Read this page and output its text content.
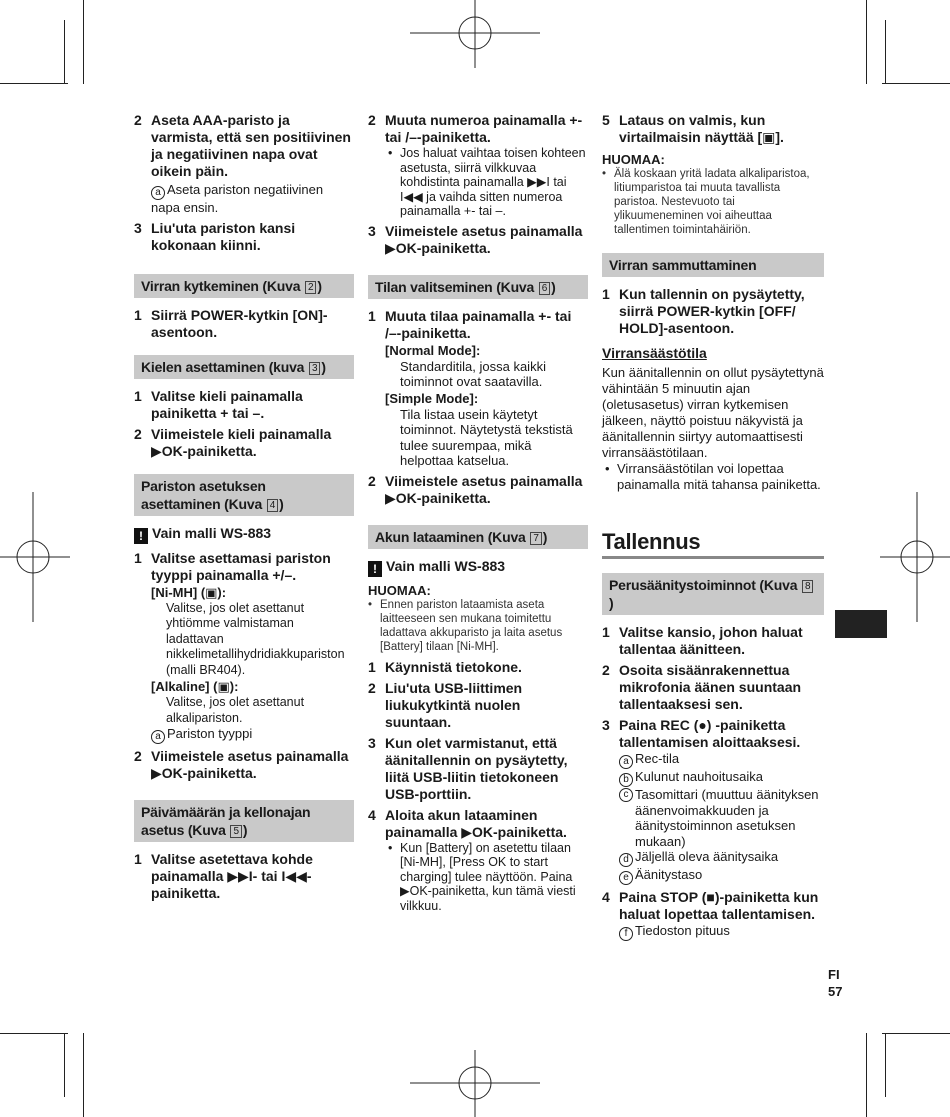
FI
57
2 Aseta AAA-paristo ja varmista, että sen positiivinen ja negatiivinen napa ovat oikein päin.
a Aseta pariston negatiivinen napa ensin.
3 Liu'uta pariston kansi kokonaan kiinni.
Virran kytkeminen (Kuva 2 )
1 Siirrä POWER-kytkin [ON]-asentoon.
Kielen asettaminen (kuva 3 )
1 Valitse kieli painamalla painiketta + tai –.
2 Viimeistele kieli painamalla ▶OK-painiketta.
Pariston asetuksen asettaminen (Kuva 4 )
! Vain malli WS-883
1 Valitse asettamasi pariston tyyppi painamalla +/–.
[Ni-MH] (▣):
Valitse, jos olet asettanut yhtiömme valmistaman ladattavan nikkelimetallihydridiakkupariston (malli BR404).
[Alkaline] (▣):
Valitse, jos olet asettanut alkalipariston.
a Pariston tyyppi
2 Viimeistele asetus painamalla ▶OK-painiketta.
Päivämäärän ja kellonajan asetus (Kuva 5 )
1 Valitse asetettava kohde painamalla ▶▶I- tai I◀◀-painiketta.
2 Muuta numeroa painamalla +- tai /–-painiketta.
• Jos haluat vaihtaa toisen kohteen asetusta, siirrä vilkkuvaa kohdistinta painamalla ▶▶I tai I◀◀ ja vaihda sitten numeroa painamalla +- tai –.
3 Viimeistele asetus painamalla ▶OK-painiketta.
Tilan valitseminen (Kuva 6 )
1 Muuta tilaa painamalla +- tai /–-painiketta.
[Normal Mode]:
Standarditila, jossa kaikki toiminnot ovat saatavilla.
[Simple Mode]:
Tila listaa usein käytetyt toiminnot. Näytetystä tekstistä tulee suurempaa, mikä helpottaa katselua.
2 Viimeistele asetus painamalla ▶OK-painiketta.
Akun lataaminen (Kuva 7 )
! Vain malli WS-883
HUOMAA:
• Ennen pariston lataamista aseta laitteeseen sen mukana toimitettu ladattava akkuparisto ja laita asetus [Battery] tilaan [Ni-MH].
1 Käynnistä tietokone.
2 Liu'uta USB-liittimen liukukytkintä nuolen suuntaan.
3 Kun olet varmistanut, että äänitallennin on pysäytetty, liitä USB-liitin tietokoneen USB-porttiin.
4 Aloita akun lataaminen painamalla ▶OK-painiketta.
• Kun [Battery] on asetettu tilaan [Ni-MH], [Press OK to start charging] tulee näyttöön. Paina ▶OK-painiketta, kun tämä viesti vilkkuu.
5 Lataus on valmis, kun virtailmaisin näyttää [▣].
HUOMAA:
• Älä koskaan yritä ladata alkaliparistoa, litiumparistoa tai muuta tavallista paristoa. Nestevuoto tai ylikuumeneminen voi aiheuttaa tallentimen toimintahäiriön.
Virran sammuttaminen
1 Kun tallennin on pysäytetty, siirrä POWER-kytkin [OFF/ HOLD]-asentoon.
Virransäästötila
Kun äänitallennin on ollut pysäytettynä vähintään 5 minuutin ajan (oletusasetus) virran kytkemisen jälkeen, näyttö poistuu näkyvistä ja äänitallennin siirtyy automaattisesti virransäästötilaan.
• Virransäästötilan voi lopettaa painamalla mitä tahansa painiketta.
Tallennus
Perusäänitystoiminnot (Kuva 8)
1 Valitse kansio, johon haluat tallentaa äänitteen.
2 Osoita sisäänrakennettua mikrofonia äänen suuntaan tallentaaksesi sen.
3 Paina REC (●) -painiketta tallentamisen aloittaaksesi.
a Rec-tila
b Kulunut nauhoitusaika
c Tasomittari (muuttuu äänityksen äänenvoimakkuuden ja äänitystoiminnon asetuksen mukaan)
d Jäljellä oleva äänitysaika
e Äänitystaso
4 Paina STOP (■)-painiketta kun haluat lopettaa tallentamisen.
f Tiedoston pituus
